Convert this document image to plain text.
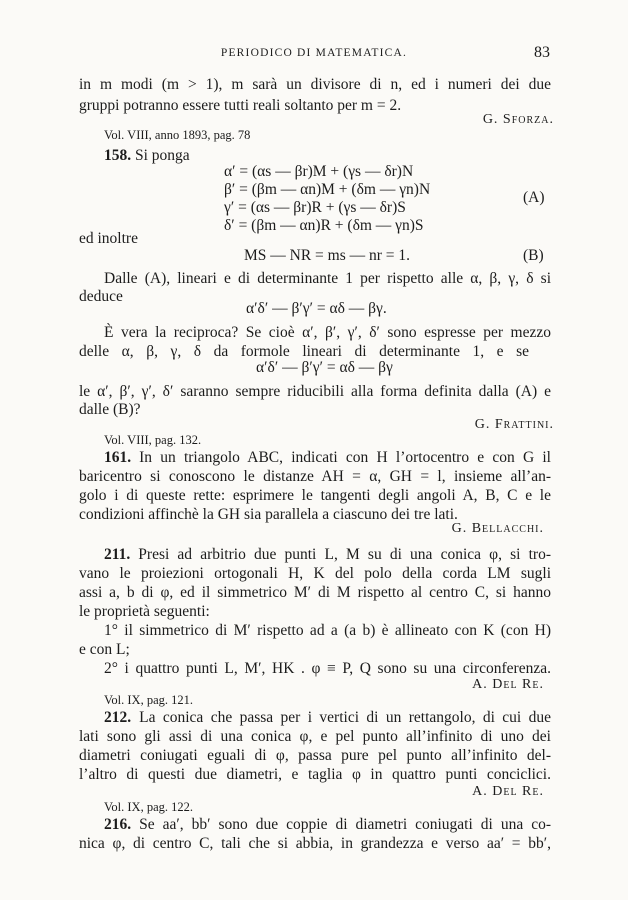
PERIODICO DI MATEMATICA.	83
in m modi (m > 1), m sarà un divisore di n, ed i numeri dei due
gruppi potranno essere tutti reali soltanto per m = 2.
G. Sforza.
Vol. VIII, anno 1893, pag. 78
158. Si ponga
α′ = (αs — βr)M + (γs — δr)N
β′ = (βm — αn)M + (δm — γn)N
γ′ = (αs — βr)R + (γs — δr)S
δ′ = (βm — αn)R + (δm — γn)S
(A)
ed inoltre
MS — NR = ms — nr = 1.	(B)
Dalle (A), lineari e di determinante 1 per rispetto alle α, β, γ, δ si
deduce
α′δ′ — β′γ′ = αδ — βγ.
È vera la reciproca? Se cioè α′, β′, γ′, δ′ sono espresse per mezzo
delle α, β, γ, δ da formole lineari di determinante 1, e se
α′δ′ — β′γ′ = αδ — βγ
le α′, β′, γ′, δ′ saranno sempre riducibili alla forma definita dalla (A) e
dalle (B)?
G. Frattini.
Vol. VIII, pag. 132.
161. In un triangolo ABC, indicati con H l’ortocentro e con G il
baricentro si conoscono le distanze AH = α, GH = l, insieme all’an-
golo i di queste rette: esprimere le tangenti degli angoli A, B, C e le
condizioni affinchè la GH sia parallela a ciascuno dei tre lati.
G. Bellacchi.
211. Presi ad arbitrio due punti L, M su di una conica φ, si tro-
vano le proiezioni ortogonali H, K del polo della corda LM sugli
assi a, b di φ, ed il simmetrico M′ di M rispetto al centro C, si hanno
le proprietà seguenti:
1° il simmetrico di M′ rispetto ad a (a b) è allineato con K (con H)
e con L;
2° i quattro punti L, M′, HK . φ ≡ P, Q sono su una circonferenza.
A. Del Re.
Vol. IX, pag. 121.
212. La conica che passa per i vertici di un rettangolo, di cui due
lati sono gli assi di una conica φ, e pel punto all’infinito di uno dei
diametri coniugati eguali di φ, passa pure pel punto all’infinito del-
l’altro di questi due diametri, e taglia φ in quattro punti conciclici.
A. Del Re.
Vol. IX, pag. 122.
216. Se aa′, bb′ sono due coppie di diametri coniugati di una co-
nica φ, di centro C, tali che si abbia, in grandezza e verso aa′ = bb′,
